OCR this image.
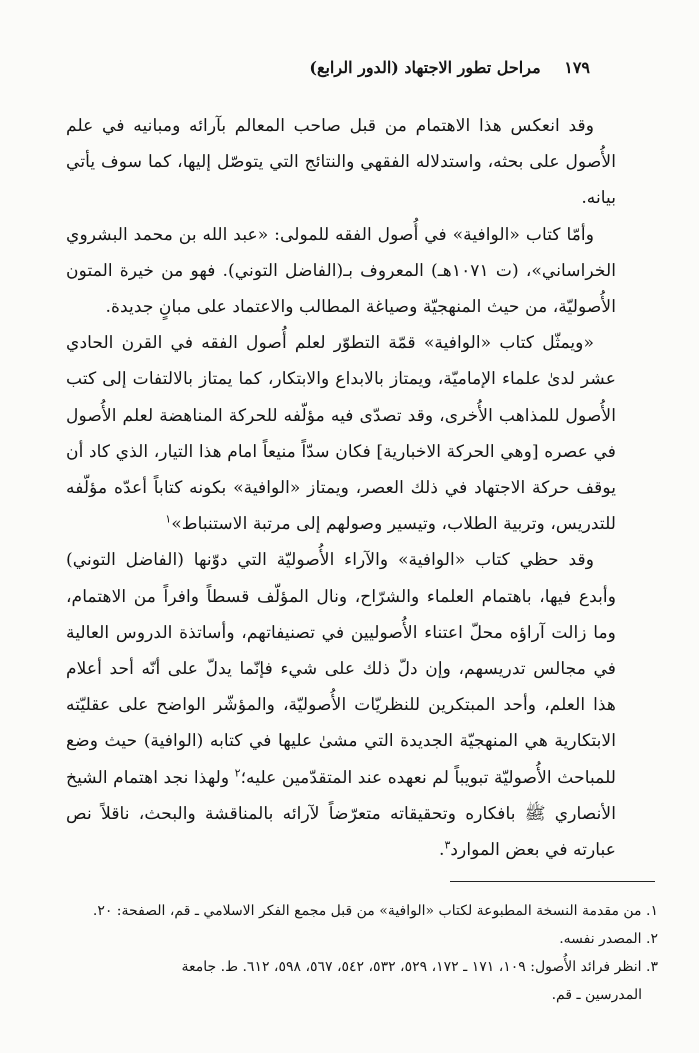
١٧٩ مراحل تطور الاجتهاد (الدور الرابع)

وقد انعكس هذا الاهتمام من قبل صاحب المعالم بآرائه ومبانيه في علم الأُصول على بحثه، واستدلاله الفقهي والنتائج التي يتوصّل إليها، كما سوف يأتي بيانه.

وأمّا كتاب «الوافية» في أُصول الفقه للمولى: «عبد الله بن محمد البشروي الخراساني»، (ت ١٠٧١هـ) المعروف بـ(الفاضل التوني). فهو من خيرة المتون الأُصوليّة، من حيث المنهجيّة وصياغة المطالب والاعتماد على مبانٍ جديدة.

«ويمثّل كتاب «الوافية» قمّة التطوّر لعلم أُصول الفقه في القرن الحادي عشر لدىٰ علماء الإماميّة، ويمتاز بالابداع والابتكار، كما يمتاز بالالتفات إلى كتب الأُصول للمذاهب الأُخرى، وقد تصدّى فيه مؤلّفه للحركة المناهضة لعلم الأُصول في عصره [وهي الحركة الاخبارية] فكان سدّاً منيعاً امام هذا التيار، الذي كاد أن يوقف حركة الاجتهاد في ذلك العصر، ويمتاز «الوافية» بكونه كتاباً أعدّه مؤلّفه للتدريس، وتربية الطلاب، وتيسير وصولهم إلى مرتبة الاستنباط»$^١$

وقد حظي كتاب «الوافية» والآراء الأُصوليّة التي دوّنها (الفاضل التوني) وأبدع فيها، باهتمام العلماء والشرّاح، ونال المؤلّف قسطاً وافراً من الاهتمام، وما زالت آراؤه محلّ اعتناء الأُصوليين في تصنيفاتهم، وأساتذة الدروس العالية في مجالس تدريسهم، وإن دلّ ذلك على شيء فإنّما يدلّ على أنّه أحد أعلام هذا العلم، وأحد المبتكرين للنظريّات الأُصوليّة، والمؤشّر الواضح على عقليّته الابتكارية هي المنهجيّة الجديدة التي مشىٰ عليها في كتابه (الوافية) حيث وضع للمباحث الأُصوليّة تبويباً لم نعهده عند المتقدّمين عليه؛$^٢$ ولهذا نجد اهتمام الشيخ الأنصاري ﷺ بافكاره وتحقيقاته متعرّضاً لآرائه بالمناقشة والبحث، ناقلاً نص عبارته في بعض الموارد$^٣$.

١. من مقدمة النسخة المطبوعة لكتاب «الوافية» من قبل مجمع الفكر الاسلامي ـ قم، الصفحة: ٢٠.
٢. المصدر نفسه.
٣. انظر فرائد الأُصول: ١٠٩، ١٧١ ـ ١٧٢، ٥٢٩، ٥٣٢، ٥٤٢، ٥٦٧، ٥٩٨، ٦١٢. ط. جامعة
المدرسين ـ قم.
